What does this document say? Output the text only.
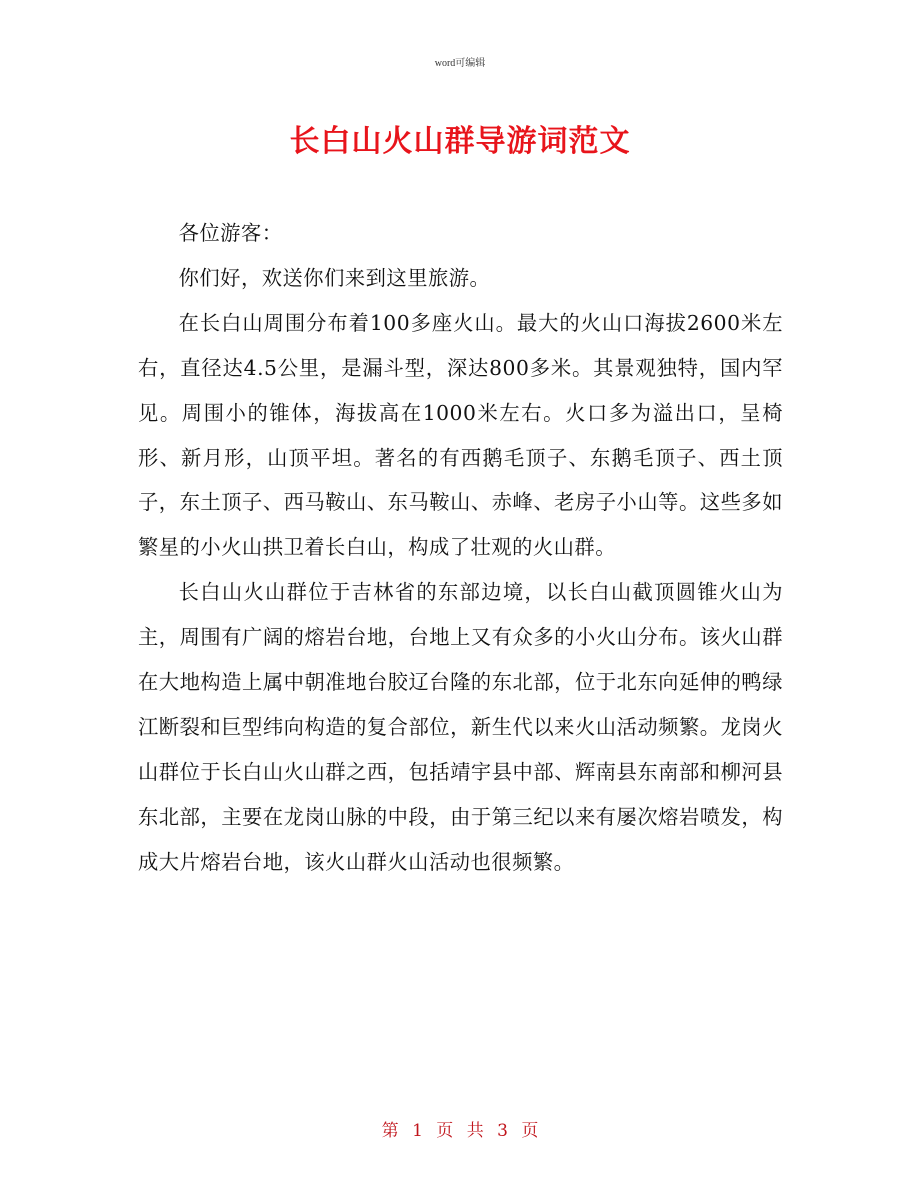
word可编辑
长白山火山群导游词范文

各位游客：

你们好，欢送你们来到这里旅游。

在长白山周围分布着100多座火山。最大的火山口海拔2600米左右，直径达4.5公里，是漏斗型，深达800多米。其景观独特，国内罕见。周围小的锥体，海拔高在1000米左右。火口多为溢出口，呈椅形、新月形，山顶平坦。著名的有西鹅毛顶子、东鹅毛顶子、西土顶子，东土顶子、西马鞍山、东马鞍山、赤峰、老房子小山等。这些多如繁星的小火山拱卫着长白山，构成了壮观的火山群。

长白山火山群位于吉林省的东部边境，以长白山截顶圆锥火山为主，周围有广阔的熔岩台地，台地上又有众多的小火山分布。该火山群在大地构造上属中朝准地台胶辽台隆的东北部，位于北东向延伸的鸭绿江断裂和巨型纬向构造的复合部位，新生代以来火山活动频繁。龙岗火山群位于长白山火山群之西，包括靖宇县中部、辉南县东南部和柳河县东北部，主要在龙岗山脉的中段，由于第三纪以来有屡次熔岩喷发，构成大片熔岩台地，该火山群火山活动也很频繁。

第 1 页 共 3 页
